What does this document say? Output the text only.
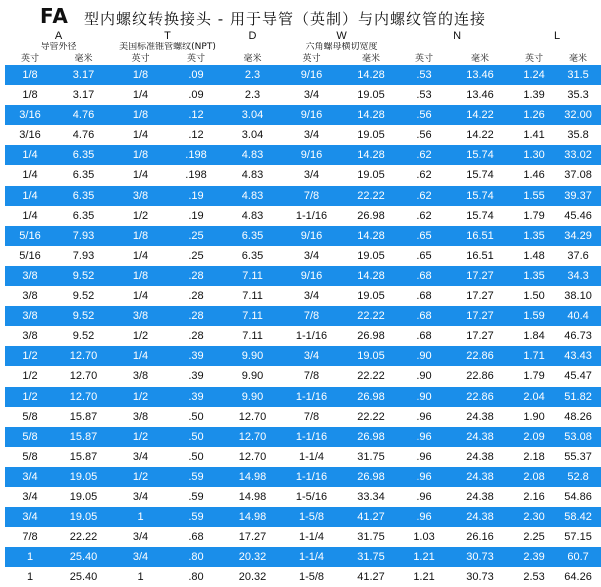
FA 型内螺纹转换接头 - 用于导管（英制）与内螺纹管的连接
A		T		D	W		N		L	
导管外径		美国标准锥管螺纹(NPT)			六角螺母横切宽度					
英寸	毫米	英寸	英寸	毫米	英寸	毫米	英寸	毫米	英寸	毫米
1/8	3.17	1/8	.09	2.3	9/16	14.28	.53	13.46	1.24	31.5
1/8	3.17	1/4	.09	2.3	3/4	19.05	.53	13.46	1.39	35.3
3/16	4.76	1/8	.12	3.04	9/16	14.28	.56	14.22	1.26	32.00
3/16	4.76	1/4	.12	3.04	3/4	19.05	.56	14.22	1.41	35.8
1/4	6.35	1/8	.198	4.83	9/16	14.28	.62	15.74	1.30	33.02
1/4	6.35	1/4	.198	4.83	3/4	19.05	.62	15.74	1.46	37.08
1/4	6.35	3/8	.19	4.83	7/8	22.22	.62	15.74	1.55	39.37
1/4	6.35	1/2	.19	4.83	1-1/16	26.98	.62	15.74	1.79	45.46
5/16	7.93	1/8	.25	6.35	9/16	14.28	.65	16.51	1.35	34.29
5/16	7.93	1/4	.25	6.35	3/4	19.05	.65	16.51	1.48	37.6
3/8	9.52	1/8	.28	7.11	9/16	14.28	.68	17.27	1.35	34.3
3/8	9.52	1/4	.28	7.11	3/4	19.05	.68	17.27	1.50	38.10
3/8	9.52	3/8	.28	7.11	7/8	22.22	.68	17.27	1.59	40.4
3/8	9.52	1/2	.28	7.11	1-1/16	26.98	.68	17.27	1.84	46.73
1/2	12.70	1/4	.39	9.90	3/4	19.05	.90	22.86	1.71	43.43
1/2	12.70	3/8	.39	9.90	7/8	22.22	.90	22.86	1.79	45.47
1/2	12.70	1/2	.39	9.90	1-1/16	26.98	.90	22.86	2.04	51.82
5/8	15.87	3/8	.50	12.70	7/8	22.22	.96	24.38	1.90	48.26
5/8	15.87	1/2	.50	12.70	1-1/16	26.98	.96	24.38	2.09	53.08
5/8	15.87	3/4	.50	12.70	1-1/4	31.75	.96	24.38	2.18	55.37
3/4	19.05	1/2	.59	14.98	1-1/16	26.98	.96	24.38	2.08	52.8
3/4	19.05	3/4	.59	14.98	1-5/16	33.34	.96	24.38	2.16	54.86
3/4	19.05	1	.59	14.98	1-5/8	41.27	.96	24.38	2.30	58.42
7/8	22.22	3/4	.68	17.27	1-1/4	31.75	1.03	26.16	2.25	57.15
1	25.40	3/4	.80	20.32	1-1/4	31.75	1.21	30.73	2.39	60.7
1	25.40	1	.80	20.32	1-5/8	41.27	1.21	30.73	2.53	64.26
